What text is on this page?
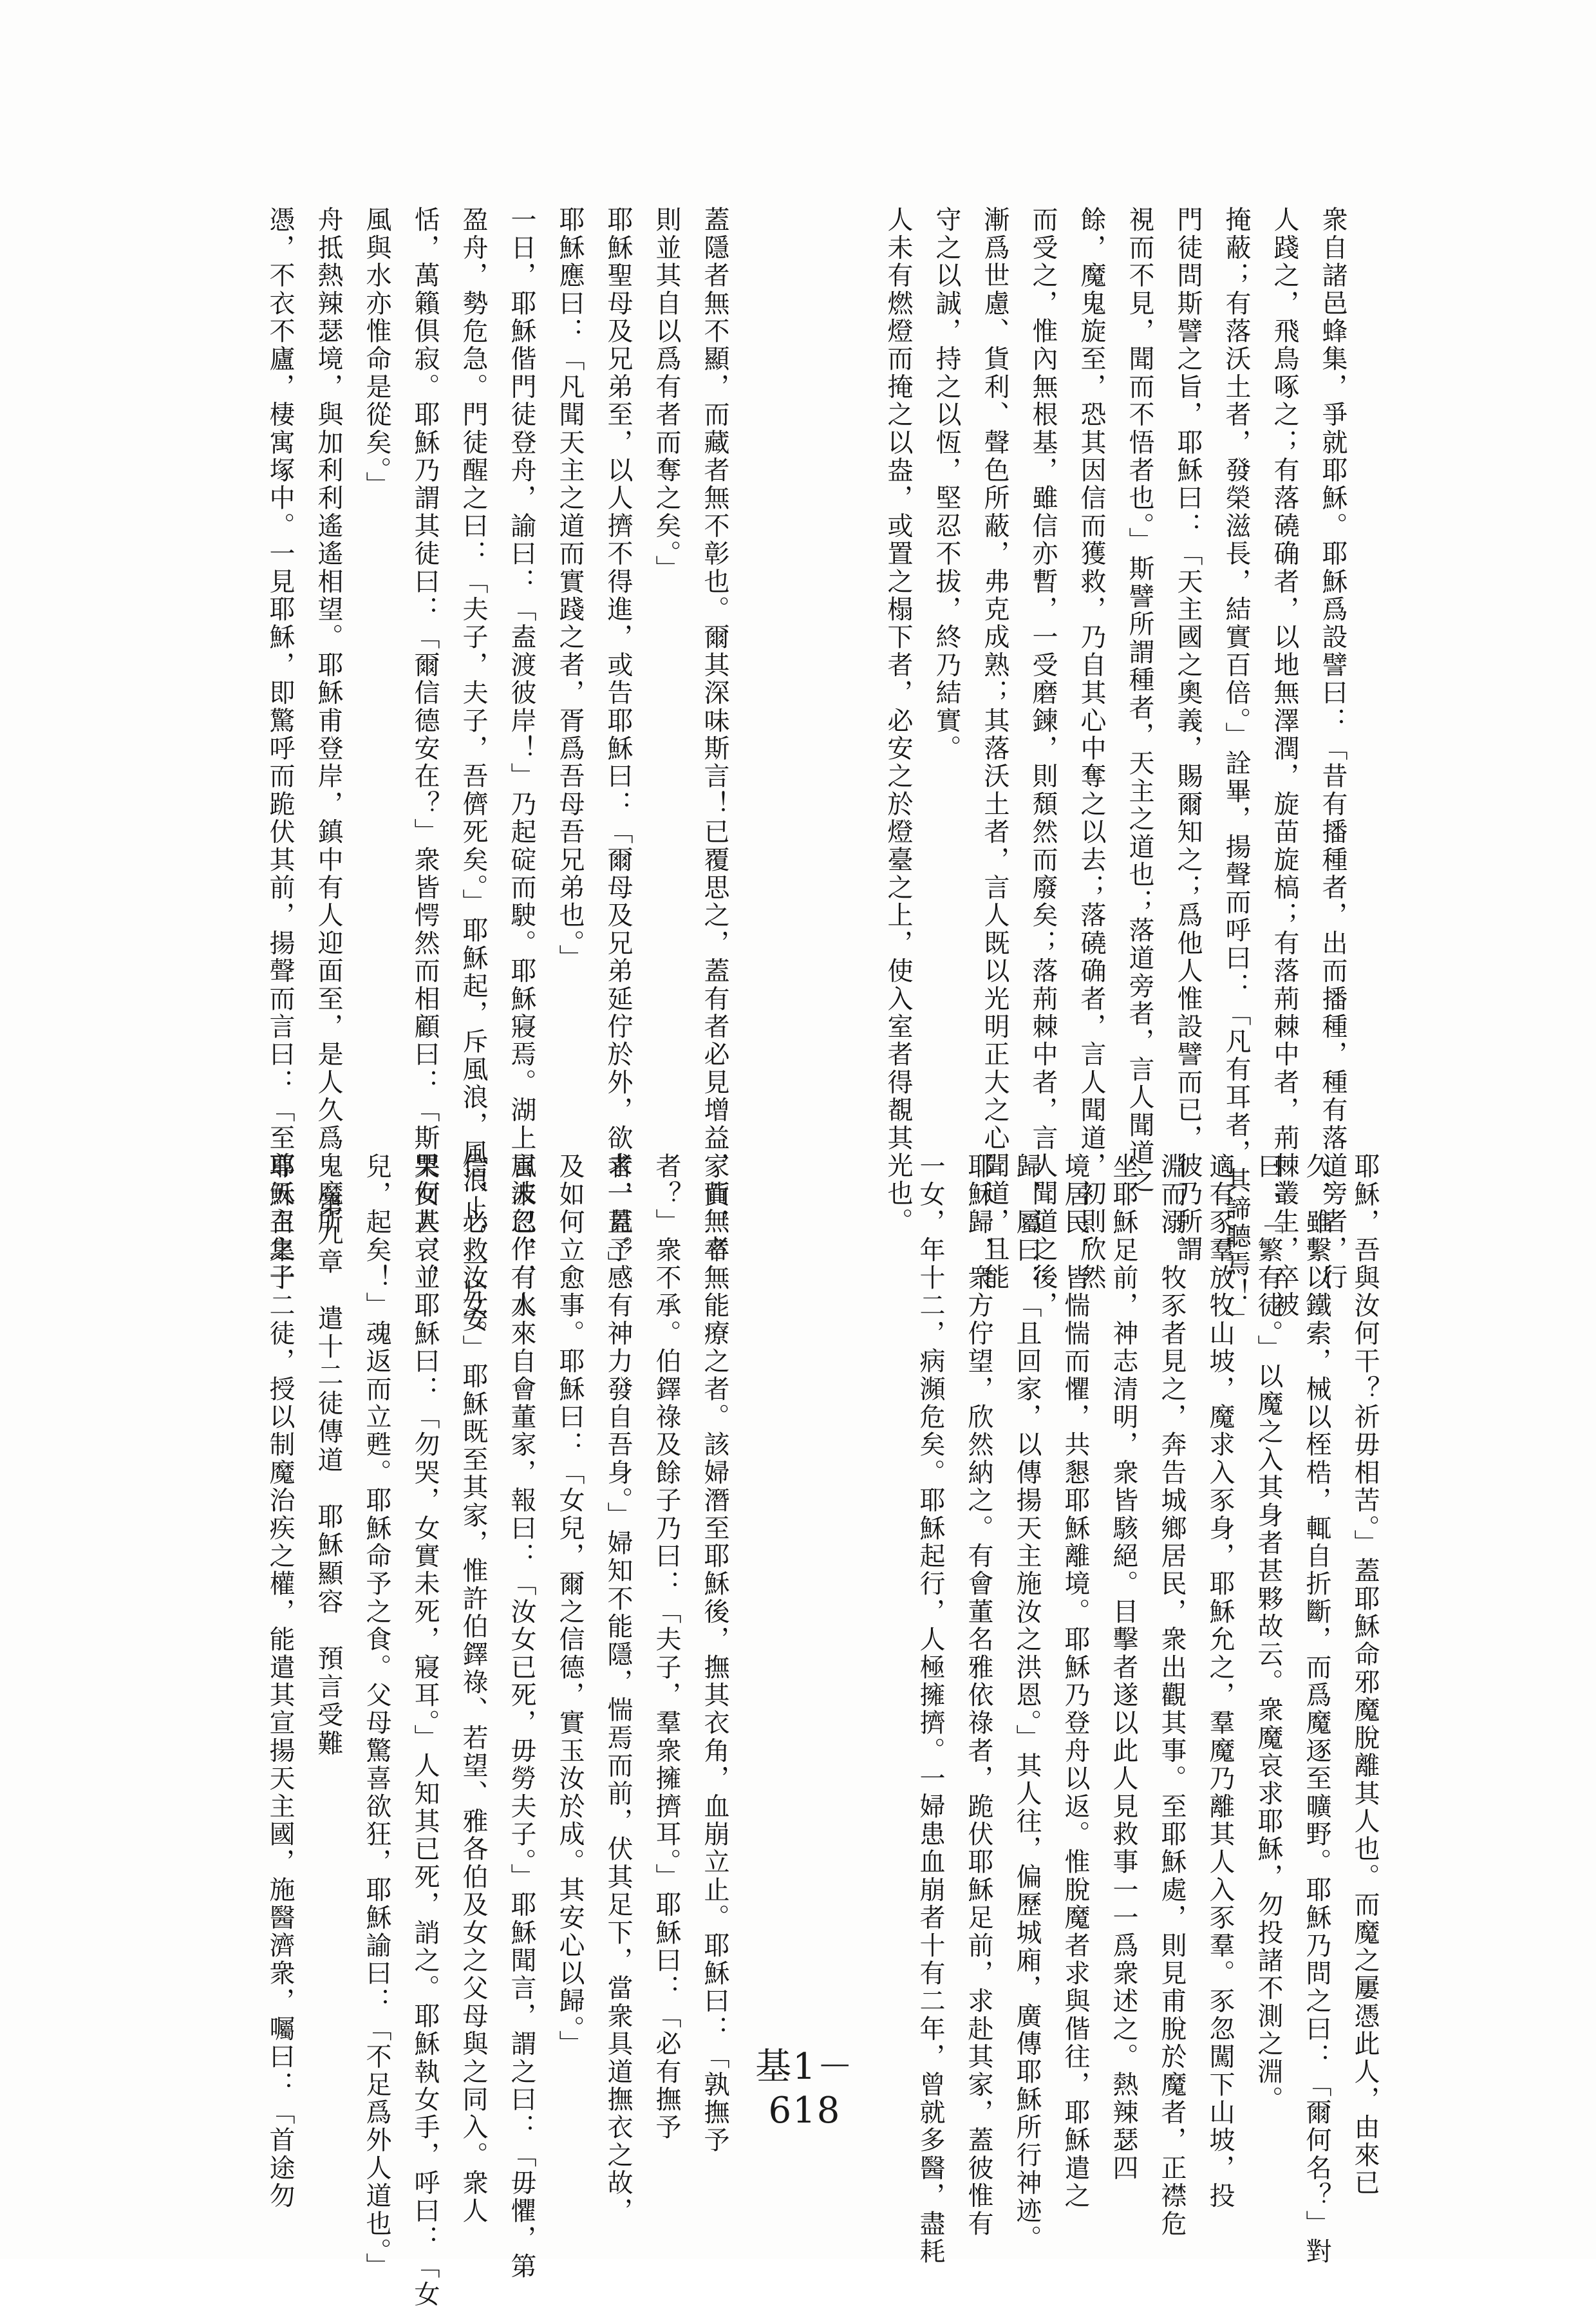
衆自諸邑蜂集，爭就耶穌。耶穌爲設譬曰：「昔有播種者，出而播種，種有落道旁者，行
人踐之，飛鳥啄之；有落磽确者，以地無澤潤，旋苗旋槁；有落荊棘中者，荊棘叢生，卒被
掩蔽；有落沃土者，發榮滋長，結實百倍。」詮畢，揚聲而呼曰：「凡有耳者，其諦聽焉！」
門徒問斯譬之旨，耶穌曰：「天主國之奧義，賜爾知之；爲他人惟設譬而已，彼乃所謂
視而不見，聞而不悟者也。」斯譬所謂種者，天主之道也；落道旁者，言人聞道之
餘，魔鬼旋至，恐其因信而獲救，乃自其心中奪之以去；落磽确者，言人聞道，初則欣然
而受之，惟內無根基，雖信亦暫，一受磨鍊，則頹然而廢矣；落荊棘中者，言人聞道之後，
漸爲世慮、貨利、聲色所蔽，弗克成熟；其落沃土者，言人既以光明正大之心聞道，且能
守之以誠，持之以恆，堅忍不拔，終乃結實。
人未有燃燈而掩之以盎，或置之榻下者，必安之於燈臺之上，使入室者得覩其光也。
蓋隱者無不顯，而藏者無不彰也。爾其深味斯言！已覆思之，蓋有者必見增益，而無者
則並其自以爲有者而奪之矣。」
耶穌聖母及兄弟至，以人擠不得進，或告耶穌曰：「爾母及兄弟延佇於外，欲求一見。」
耶穌應曰：「凡聞天主之道而實踐之者，胥爲吾母吾兄弟也。」
一日，耶穌偕門徒登舟，諭曰：「盍渡彼岸！」乃起碇而駛。耶穌寢焉。湖上風波忽作，水
盈舟，勢危急。門徒醒之曰：「夫子，夫子，吾儕死矣。」耶穌起，斥風浪，風浪止，一片安
恬，萬籟俱寂。耶穌乃謂其徒曰：「爾信德安在？」衆皆愕然而相顧曰：「斯果何人，並
風與水亦惟命是從矣。」
舟抵熱辣瑟境，與加利利遙遙相望。耶穌甫登岸，鎮中有人迎面至，是人久爲鬼魔所
憑，不衣不廬，棲寓塚中。一見耶穌，即驚呼而跪伏其前，揚聲而言曰：「至尊天主之子
耶穌，吾與汝何干？祈毋相苦。」蓋耶穌命邪魔脫離其人也。而魔之屢憑此人，由來已
久，雖繫以鐵索，械以桎梏，輒自折斷，而爲魔逐至曠野。耶穌乃問之曰：「爾何名？」對
曰：「繁有徒。」以魔之入其身者甚夥故云。衆魔哀求耶穌，勿投諸不測之淵。
適有豕羣放牧山坡，魔求入豕身，耶穌允之，羣魔乃離其人入豕羣。豕忽闖下山坡，投
淵而溺。牧豕者見之，奔告城鄉居民，衆出觀其事。至耶穌處，則見甫脫於魔者，正襟危
坐耶穌足前，神志清明，衆皆駭絕。目擊者遂以此人見救事一一爲衆述之。熱辣瑟四
境居民，皆惴惴而懼，共懇耶穌離境。耶穌乃登舟以返。惟脫魔者求與偕往，耶穌遣之
歸，屬曰：「且回家，以傳揚天主施汝之洪恩。」其人往，偏歷城廂，廣傳耶穌所行神迹。
耶穌歸，衆方佇望，欣然納之。有會董名雅依祿者，跪伏耶穌足前，求赴其家，蓋彼惟有
一女，年十二，病瀕危矣。耶穌起行，人極擁擠。一婦患血崩者十有二年，曾就多醫，盡耗
家貲，卒無能療之者。該婦潛至耶穌後，撫其衣角，血崩立止。耶穌曰：「孰撫予
者？」衆不承。伯鐸祿及餘子乃曰：「夫子，羣衆擁擠耳。」耶穌曰：「必有撫予
者，蓋予感有神力發自吾身。」婦知不能隱，惴焉而前，伏其足下，當衆具道撫衣之故，
及如何立愈事。耶穌曰：「女兒，爾之信德，實玉汝於成。其安心以歸。」
言未已，有人來自會董家，報曰：「汝女已死，毋勞夫子。」耶穌聞言，謂之曰：「毋懼，第
信，必救汝女。」耶穌既至其家，惟許伯鐸祿、若望、雅各伯及女之父母與之同入。衆人
哭女甚哀，耶穌曰：「勿哭，女實未死，寢耳。」人知其已死，誚之。耶穌執女手，呼曰：「女
兒，起矣！」魂返而立甦。耶穌命予之食。父母驚喜欲狂，耶穌諭曰：「不足爲外人道也。」
第九章　遣十二徒傳道　耶穌顯容　預言受難
耶穌召集十二徒，授以制魔治疾之權，能遣其宣揚天主國，施醫濟衆，囑曰：「首途勿	基1－618
